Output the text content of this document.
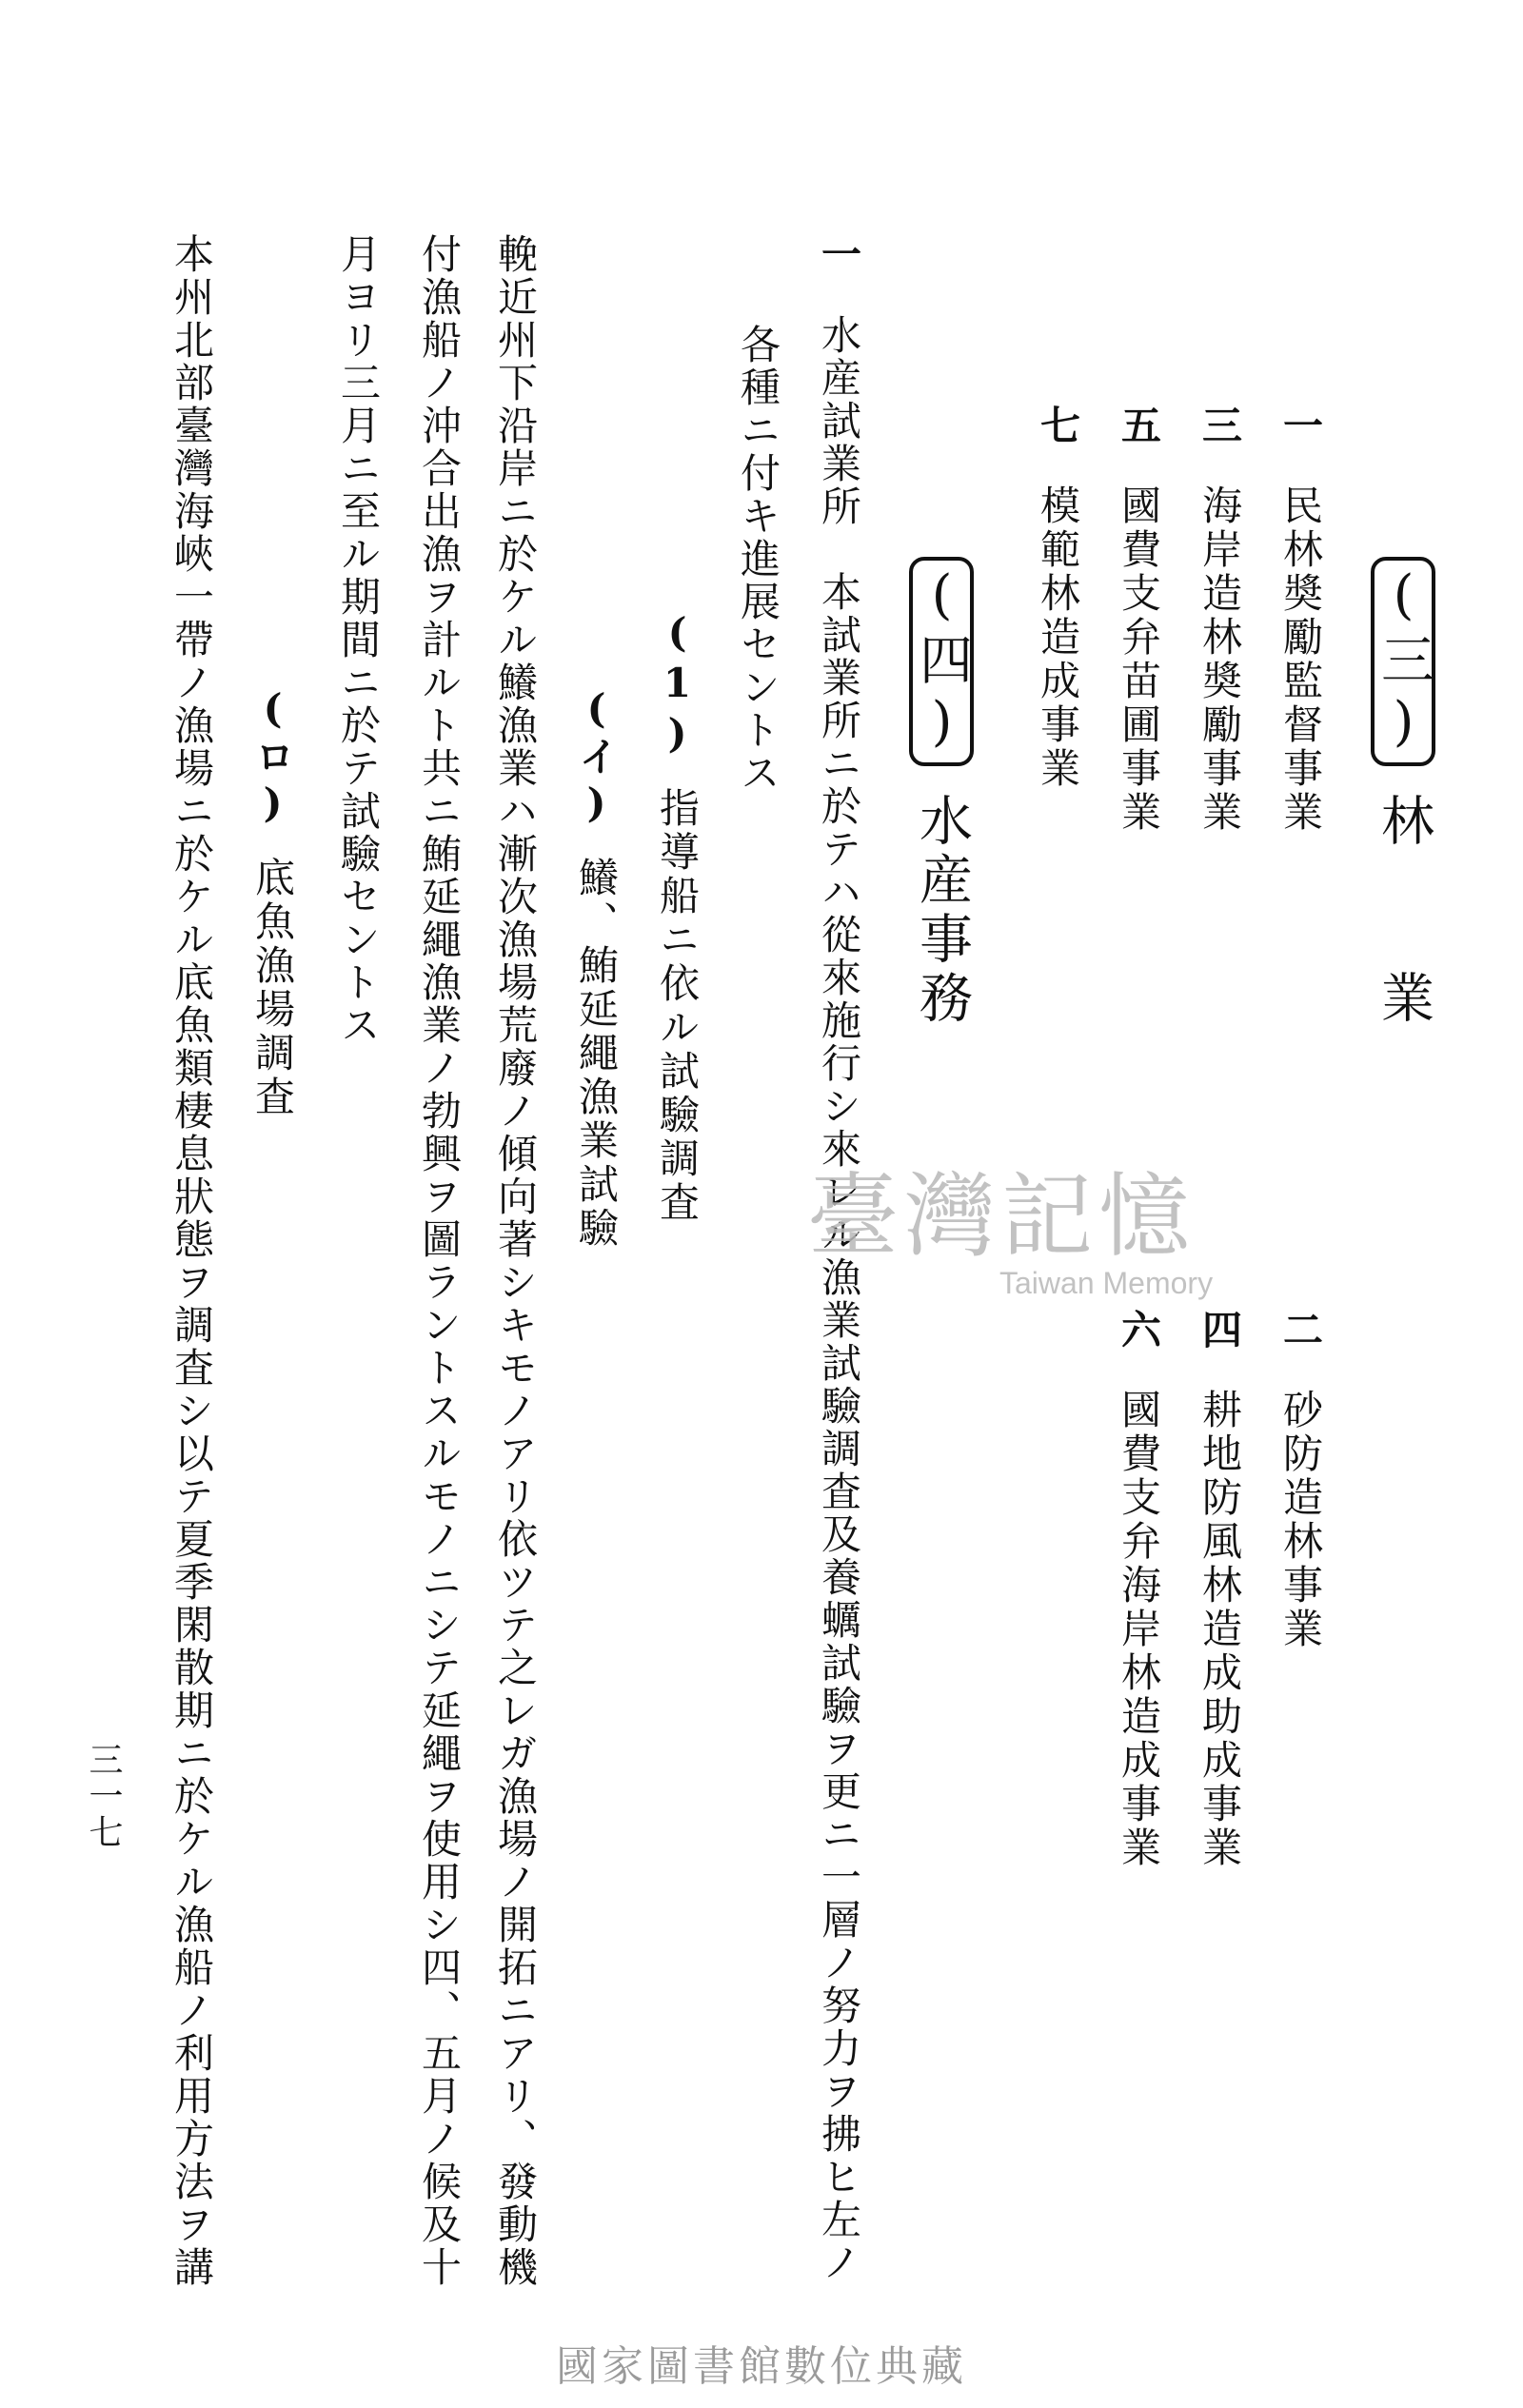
(三)林　　業
一民林奬勵監督事業
三海岸造林奬勵事業
五國費支弁苗圃事業
七模範林造成事業
二砂防造林事業
四耕地防風林造成助成事業
六國費支弁海岸林造成事業
(四)水産事務
一水産試業所　本試業所ニ於テハ從來施行シ來レル漁業試驗調査及養蠣試驗ヲ更ニ一層ノ努力ヲ拂ヒ左ノ
各種ニ付キ進展セントス
(1)指導船ニ依ル試驗調査
(イ)鱶、鮪延繩漁業試驗
輓近州下沿岸ニ於ケル鱶漁業ハ漸次漁場荒廢ノ傾向著シキモノアリ依ツテ之レガ漁場ノ開拓ニアリ、發動機
付漁船ノ沖合出漁ヲ計ルト共ニ鮪延繩漁業ノ勃興ヲ圖ラントスルモノニシテ延繩ヲ使用シ四、五月ノ候及十
月ヨリ三月ニ至ル期間ニ於テ試驗セントス
(ロ)底魚漁場調査
本州北部臺灣海峽一帶ノ漁場ニ於ケル底魚類棲息狀態ヲ調査シ以テ夏季閑散期ニ於ケル漁船ノ利用方法ヲ講
三一七
臺灣記憶
Taiwan Memory
國家圖書館數位典藏
